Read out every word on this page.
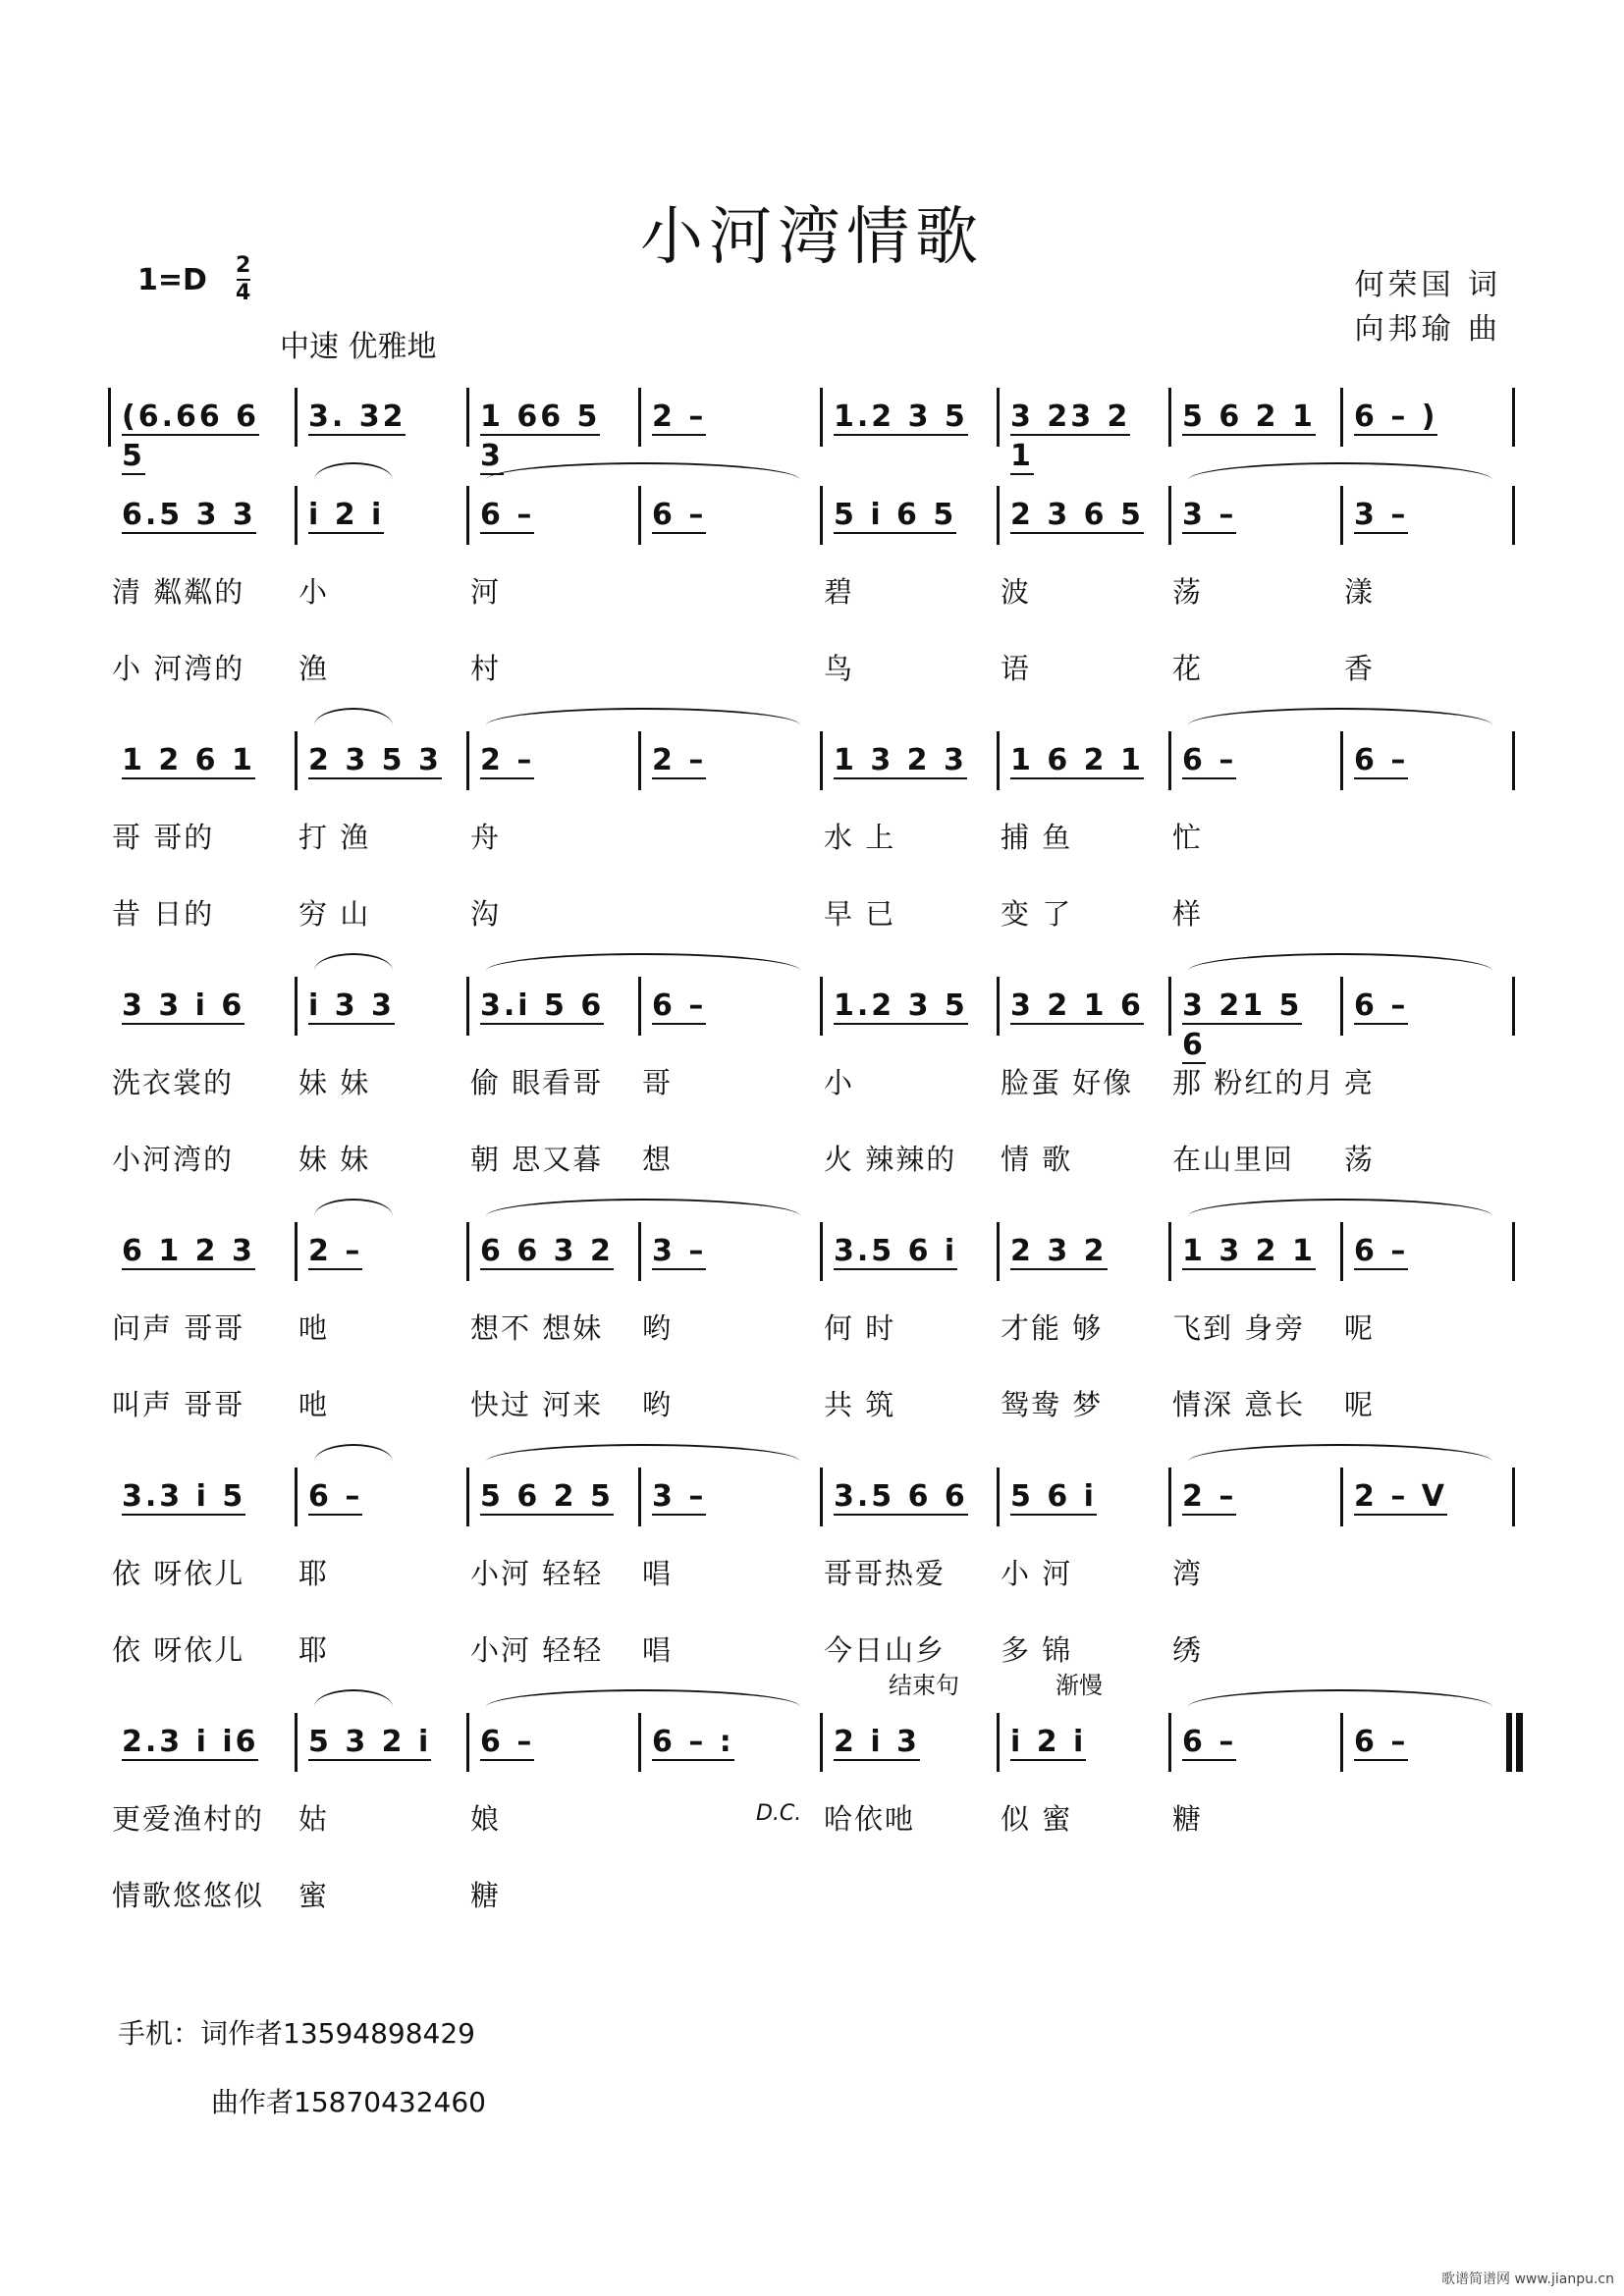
小河湾情歌
1=D 2
4
中速 优雅地
何荣国 词
向邦瑜 曲
(6.66 6 5
3. 32	1 66 5 3
2 –	1.2 3 5	3 23 2 1
5 6 2 1	6 – )
6.5 3 3	i 2 i	6 –	6 –	5 i 6 5	2 3 6 5	3 –	3 –
清 粼粼的 小	河	碧	波	荡	漾
小 河湾的 渔	村	鸟	语	花	香
1 2 6 1	2 3 5 3	2 –	2 –	1 3 2 3	1 6 2 1	6 –	6 –
哥 哥的	打 渔	舟	水 上	捕 鱼	忙
昔 日的	穷 山	沟	早 已	变 了	样
3 3 i 6	i 3 3	3.i 5 6	6 –	1.2 3 5	3 2 1 6	3 21 5 6
6 –
洗衣裳的 妹 妹	偷 眼看哥 哥	小	脸蛋 好像 那 粉红的月 亮
小河湾的 妹 妹	朝 思又暮 想	火 辣辣的 情 歌	在山里回 荡
6 1 2 3	2 –	6 6 3 2	3 –	3.5 6 i	2 3 2	1 3 2 1	6 –
问声 哥哥 吔	想不 想妹 哟	何 时	才能 够 飞到 身旁 呢
叫声 哥哥 吔	快过 河来 哟	共 筑	鸳鸯 梦 情深 意长 呢
3.3 i 5	6 –	5 6 2 5	3 –	3.5 6 6	5 6 i	2 –	2 – V
依 呀依儿 耶	小河 轻轻 唱	哥哥热爱 小 河	湾
依 呀依儿 耶	小河 轻轻 唱	今日山乡 多 锦	绣
2.3 i i6	5 3 2 i	6 –	6 – :	2 i 3	i 2 i	6 –	6 –
结束句	渐慢
D.C.
更爱渔村的 姑	娘	哈依吔	似 蜜	糖
情歌悠悠似 蜜	糖
手机：词作者13594898429
曲作者15870432460
歌谱简谱网 www.jianpu.cn
